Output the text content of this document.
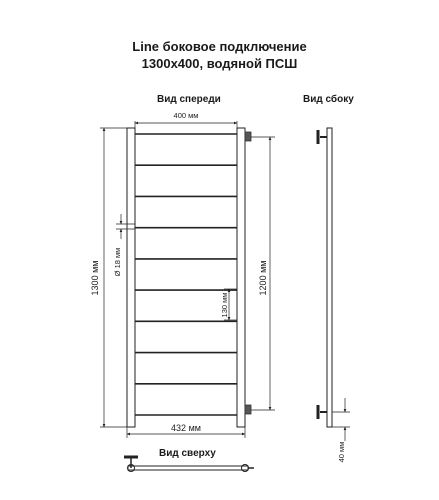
Line боковое подключение
1300х400, водяной ПСШ
Вид спереди	Вид сбоку
Вид сверху
400 мм
432 мм
1300 мм	1200 мм
Ø 18 мм
130 мм
40 мм
